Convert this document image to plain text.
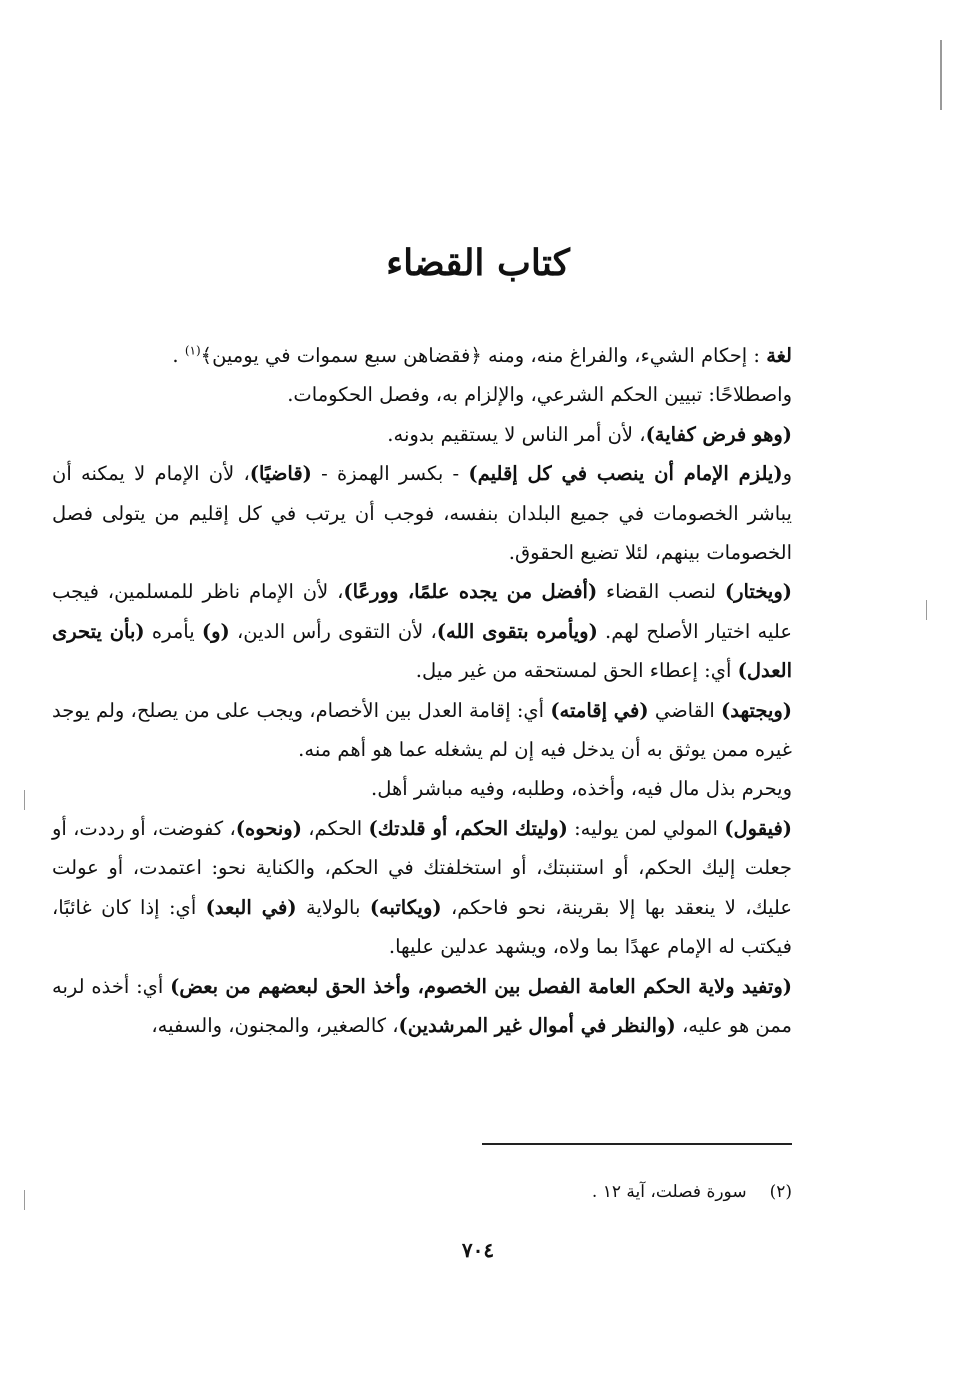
كتاب القضاء

لغة : إحكام الشيء، والفراغ منه، ومنه ﴿فقضاهن سبع سموات في يومين﴾$^{(١)}$ .

واصطلاحًا: تبيين الحكم الشرعي، والإلزام به، وفصل الحكومات.

(وهو فرض كفاية)، لأن أمر الناس لا يستقيم بدونه.

و(يلزم الإمام أن ينصب في كل إقليم) - بكسر الهمزة - (قاضيًا)، لأن الإمام لا يمكنه أن يباشر الخصومات في جميع البلدان بنفسه، فوجب أن يرتب في كل إقليم من يتولى فصل الخصومات بينهم، لئلا تضيع الحقوق.

(ويختار) لنصب القضاء (أفضل من يجده علمًا، وورعًا)، لأن الإمام ناظر للمسلمين، فيجب عليه اختيار الأصلح لهم. (ويأمره بتقوى الله)، لأن التقوى رأس الدين، (و) يأمره (بأن يتحرى العدل) أي: إعطاء الحق لمستحقه من غير ميل.

(ويجتهد) القاضي (في إقامته) أي: إقامة العدل بين الأخصام، ويجب على من يصلح، ولم يوجد غيره ممن يوثق به أن يدخل فيه إن لم يشغله عما هو أهم منه.

ويحرم بذل مال فيه، وأخذه، وطلبه، وفيه مباشر أهل.

(فيقول) المولي لمن يوليه: (وليتك الحكم، أو قلدتك) الحكم، (ونحوه)، كفوضت، أو رددت، أو جعلت إليك الحكم، أو استنبتك، أو استخلفتك في الحكم، والكناية نحو: اعتمدت، أو عولت عليك، لا ينعقد بها إلا بقرينة، نحو فاحكم، (ويكاتبه) بالولاية (في البعد) أي: إذا كان غائبًا، فيكتب له الإمام عهدًا بما ولاه، ويشهد عدلين عليها.

(وتفيد ولاية الحكم العامة الفصل بين الخصوم، وأخذ الحق لبعضهم من بعض) أي: أخذه لربه ممن هو عليه، (والنظر في أموال غير المرشدين)، كالصغير، والمجنون، والسفيه،

(٢) سورة فصلت، آية ١٢ .
٧٠٤
